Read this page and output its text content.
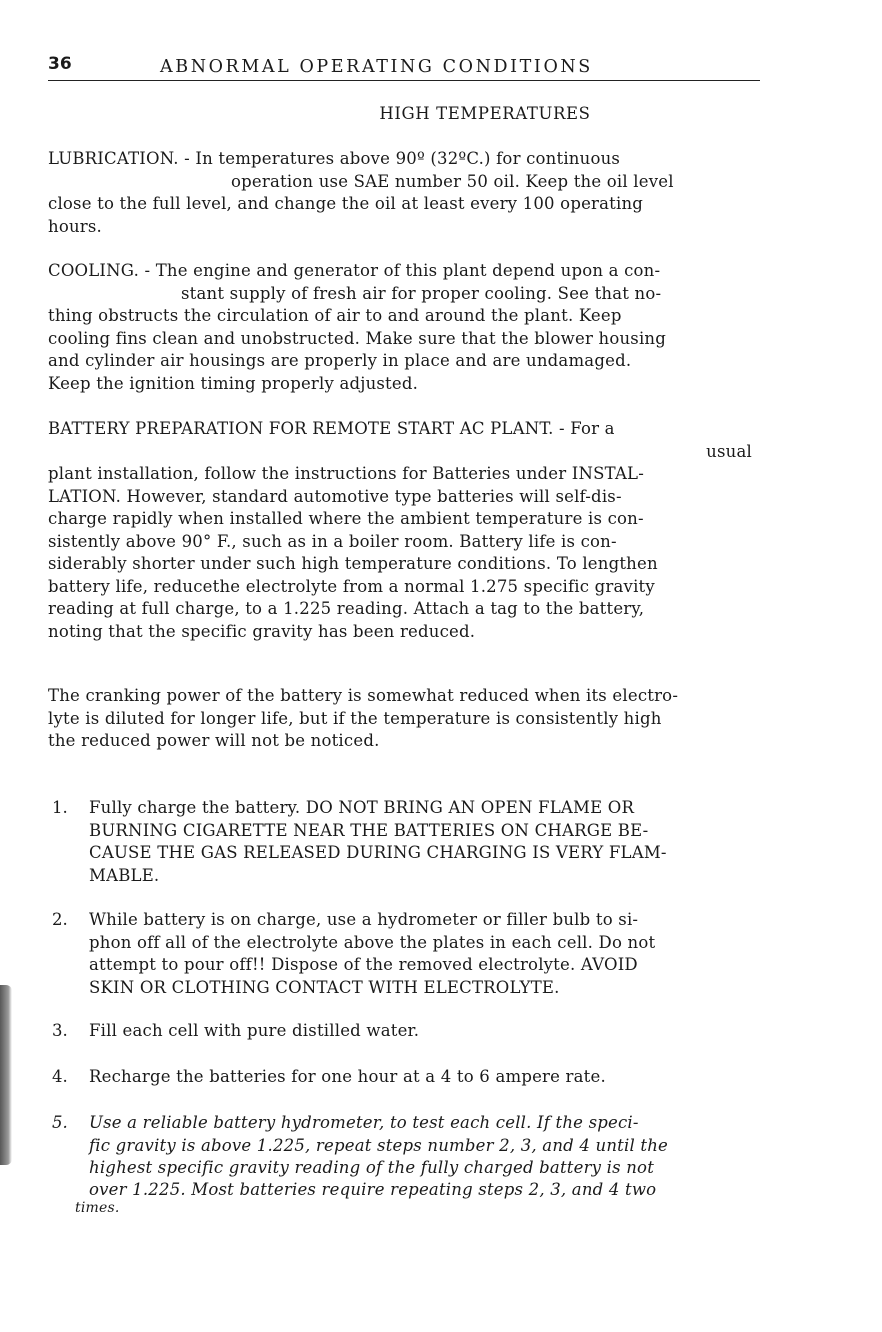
36	ABNORMAL OPERATING CONDITIONS
HIGH TEMPERATURES
LUBRICATION. - In temperatures above 90º (32ºC.) for continuous
operation use SAE number 50 oil. Keep the oil level
close to the full level, and change the oil at least every 100 operating
hours.
COOLING. - The engine and generator of this plant depend upon a con-
stant supply of fresh air for proper cooling. See that no-
thing obstructs the circulation of air to and around the plant. Keep
cooling fins clean and unobstructed. Make sure that the blower housing
and cylinder air housings are properly in place and are undamaged.
Keep the ignition timing properly adjusted.
BATTERY PREPARATION FOR REMOTE START AC PLANT. - For a
usual
plant installation, follow the instructions for Batteries under INSTAL-
LATION. However, standard automotive type batteries will self-dis-
charge rapidly when installed where the ambient temperature is con-
sistently above 90° F., such as in a boiler room. Battery life is con-
siderably shorter under such high temperature conditions. To lengthen
battery life, reducethe electrolyte from a normal 1.275 specific gravity
reading at full charge, to a 1.225 reading. Attach a tag to the battery,
noting that the specific gravity has been reduced.
The cranking power of the battery is somewhat reduced when its electro-
lyte is diluted for longer life, but if the temperature is consistently high
the reduced power will not be noticed.
1. Fully charge the battery. DO NOT BRING AN OPEN FLAME OR
BURNING CIGARETTE NEAR THE BATTERIES ON CHARGE BE-
CAUSE THE GAS RELEASED DURING CHARGING IS VERY FLAM-
MABLE.
2. While battery is on charge, use a hydrometer or filler bulb to si-
phon off all of the electrolyte above the plates in each cell. Do not
attempt to pour off!! Dispose of the removed electrolyte. AVOID
SKIN OR CLOTHING CONTACT WITH ELECTROLYTE.
3. Fill each cell with pure distilled water.
4. Recharge the batteries for one hour at a 4 to 6 ampere rate.
5. Use a reliable battery hydrometer, to test each cell. If the speci-
fic gravity is above 1.225, repeat steps number 2, 3, and 4 until the
highest specific gravity reading of the fully charged battery is not
over 1.225. Most batteries require repeating steps 2, 3, and 4 two
times.
